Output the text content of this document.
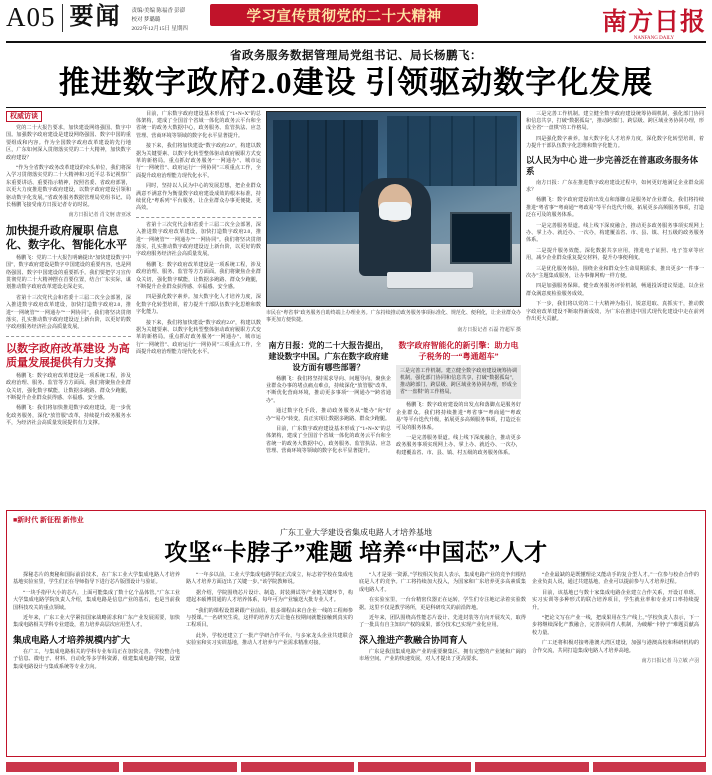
A05 要闻 责编/美编 陈福香 彭澎
校对 梦璐璐
2022年12月15日 星期四
学习宣传贯彻党的二十大精神	南方日报
NANFANG DAILY
省政务服务数据管理局党组书记、局长杨鹏飞：
推进数字政府2.0建设 引领驱动数字化发展
权威访谈

党的二十大报告要求，加快建设网络强国、数字中国。加强数字政府建设是建设网络强国、数字中国的重要组成和内容。作为全国数字政府改革建设的先行地区，广东如何深入贯彻落实党的二十大精神，加快数字政府建设？

“作为全省数字政务改革建设的牵头单位，我们将深入学习贯彻落实党的二十大精神和习近平总书记视察广东重要讲话、重要指示精神，按照省委、省政府部署，以更大力度推进数字政府建设，以数字政府建设引领和驱动数字化发展。”省政务服务数据管理局党组书记、局长杨鹏飞接受南方日报记者专访时说。

南方日报记者 肖文舸 唐亚冰
加快提升政府履职 信息化、数字化、智能化水平

杨鹏飞：党的二十大报告明确提出“加快建设数字中国”，数字政府建设是数字中国建设的重要内容，也是网络强国、数字中国建设的重要抓手。我们要把学习宣传贯彻党的二十大精神摆在首要位置，结合广东实际，谋划推动数字政府改革建设走深走实。

省第十三次党代会和省委十三届二次全会部署，深入推进数字政府改革建设，加快打造数字政府2.0，推进“一网统管”“一网通办”“一网协同”。我们将坚决贯彻落实，扎实推动数字政府建设迈上新台阶，以更好的数字政府服务经济社会高质量发展。

以数字政府改革建设 为高质量发展提供有力支撑

杨鹏飞：数字政府改革建设是一项系统工程，涉及政府治理、服务、监管等方方面面。我们将聚焦企业群众关切，强化数字赋能，让数据多跑路、群众少跑腿，不断提升企业群众获得感、幸福感、安全感。

杨鹏飞：我们将加快推进数字政府建设，进一步优化政务服务，深化“放管服”改革，持续提升政务服务水平，为经济社会高质量发展提供有力支撑。

目前，广东数字政府建设基本形成了“1+N+X”的总体架构，建成了全国首个省域一体化的政务云平台和全省统一的政务大数据中心，政务服务、监管执法、应急管理、营商环境等领域的数字化水平显著提升。

接下来，我们将加快建设“数字政府2.0”，构建以数据为关键要素、以数字化转型整体驱动政府履职方式变革的新格局。重点抓好政务服务“一网通办”、城市运行“一网统管”、政府运行“一网协同”三项重点工作，全面提升政府治理能力现代化水平。

同时，坚持以人民为中心的发展思想，把企业群众满意不满意作为衡量数字政府建设成效的根本标准，持续优化“粤系列”平台服务，让企业群众办事更便捷、更高效。

省第十三次党代会和省委十三届二次全会部署，深入推进数字政府改革建设，加快打造数字政府2.0，推进“一网统管”“一网通办”“一网协同”。我们将坚决贯彻落实，扎实推动数字政府建设迈上新台阶，以更好的数字政府服务经济社会高质量发展。

杨鹏飞：数字政府改革建设是一项系统工程，涉及政府治理、服务、监管等方方面面。我们将聚焦企业群众关切，强化数字赋能，让数据多跑路、群众少跑腿，不断提升企业群众获得感、幸福感、安全感。

四是强化数字素养。加大数字化人才培养力度，深化数字化转型培训，着力提升干部队伍数字化思维和数字化能力。

接下来，我们将加快建设“数字政府2.0”，构建以数据为关键要素、以数字化转型整体驱动政府履职方式变革的新格局。重点抓好政务服务“一网通办”、城市运行“一网统管”、政府运行“一网协同”三项重点工作，全面提升政府治理能力现代化水平。

市民在“粤省事”政务服务自助终端上办理业务。广东持续推动政务服务事项标准化、规范化、便利化，让企业群众办事更加方便快捷。
南方日报记者 石磊 符超军 摄
南方日报：党的二十大报告提出，建设数字中国。广东在数字政府建设方面有哪些部署？

杨鹏飞：我们将坚持需求导向、问题导向，聚焦企业群众办事的堵点痛点难点，持续深化“放管服”改革，不断优化营商环境，推动更多事项“一网通办”“跨省通办”。

通过数字化手段，推动政务服务从“能办”向“好办”“易办”转变，真正实现让数据多跑路、群众少跑腿。

目前，广东数字政府建设基本形成了“1+N+X”的总体架构，建成了全国首个省域一体化的政务云平台和全省统一的政务大数据中心，政务服务、监管执法、应急管理、营商环境等领域的数字化水平显著提升。

数字政府智能化的新引擎：助力电子税务的一“粤通超车”
三是完善工作机制。建立健全数字政府建设统筹协调机制，强化部门协同和信息共享，打破“数据孤岛”，推动跨部门、跨层级、跨区域业务协同办理，形成全省“一盘棋”的工作格局。

杨鹏飞：数字政府建设的出发点和落脚点是服务好企业群众。我们将持续推进“粤省事”“粤商通”“粤政易”等平台迭代升级，拓展更多高频服务事项，打造泛在可及的服务体系。

一是完善服务渠道。线上线下深度融合，推动更多政务服务事项实现网上办、掌上办、就近办、一次办，构建覆盖省、市、县、镇、村五级的政务服务体系。

三是完善工作机制。建立健全数字政府建设统筹协调机制，强化部门协同和信息共享，打破“数据孤岛”，推动跨部门、跨层级、跨区域业务协同办理，形成全省“一盘棋”的工作格局。

四是强化数字素养。加大数字化人才培养力度，深化数字化转型培训，着力提升干部队伍数字化思维和数字化能力。

以人民为中心 进一步完善泛在普惠政务服务体系

南方日报：广东在推进数字政府建设过程中，如何更好地满足企业群众需求？

杨鹏飞：数字政府建设的出发点和落脚点是服务好企业群众。我们将持续推进“粤省事”“粤商通”“粤政易”等平台迭代升级，拓展更多高频服务事项，打造泛在可及的服务体系。

一是完善服务渠道。线上线下深度融合，推动更多政务服务事项实现网上办、掌上办、就近办、一次办，构建覆盖省、市、县、镇、村五级的政务服务体系。

二是提升服务效能。深化数据共享应用，推进电子证照、电子签章等应用，减少企业群众重复提交材料，提升办事便利度。

三是优化服务体验。围绕企业和群众全生命周期需求，推出更多“一件事一次办”主题集成服务，让办事像网购一样方便。

四是加强服务保障。健全政务服务评价机制，畅通投诉建议渠道，以企业群众满意度检验服务成效。

下一步，我们将以党的二十大精神为指引，锐意进取、真抓实干，推动数字政府改革建设不断取得新成效，为广东在推进中国式现代化建设中走在前列作出更大贡献。

■新时代 新征程 新伟业
广东工业大学建设省集成电路人才培养基地
攻坚“卡脖子”难题 培养“中国芯”人才

探秘芯片的奥秘和国际前沿技术，在广东工业大学集成电路人才培养基地实验室里，学生们正在导师指导下进行芯片版图设计与验证。

“一块手指甲大小的芯片，上面可能集成了数十亿个晶体管。”广东工业大学集成电路学院负责人介绍，集成电路是信息产业的基石，也是当前我国科技攻关的重点领域。

近年来，广东工业大学紧扣国家战略需求和广东产业发展需要，加快集成电路相关学科专业建设，着力培养高层次应用型人才。

集成电路人才培养规模内扩大

在广工，与集成电路相关的学科专业布局正在加快完善。学校整合电子信息、微电子、材料、自动化等多学科资源，组建集成电路学院，设置集成电路设计与集成系统等专业方向。

“一年多以前，工业大学集成电路学院正式成立，标志着学校在集成电路人才培养方面迈出了关键一步。”该学院教师说。

据介绍，学院围绕芯片设计、制造、封装测试等产业链关键环节，构建起本硕博贯通的人才培养体系，每年可为产业输送大批专业人才。

“我们的课程设置紧跟产业前沿，很多课程由来自企业一线的工程师参与授课。”一名研究生说，这样的培养方式让他在校期间就能接触到真实的工程项目。

此外，学校还建立了一批产学研合作平台，与多家龙头企业共建联合实验室和实习实训基地，推动人才培养与产业需求精准对接。

“人才是第一资源。”学校相关负责人表示，集成电路产业的竞争归根结底是人才的竞争。广工将持续加大投入，为国家和广东培养更多高素质集成电路人才。

在实验室里，一台台精密仪器正在运转，学生们专注地记录着实验数据。这里不仅是教学场所，更是科研攻关的前沿阵地。

近年来，团队围绕高性能芯片设计、先进封装等方向开展攻关，取得了一批具有自主知识产权的成果，部分技术已实现产业化应用。

深入推进产教融合协同育人

广东是我国集成电路产业的重要聚集区，拥有完整的产业链和广阔的市场空间。产业的快速发展，对人才提出了更高要求。

“企业最缺的是既懂理论又能动手的复合型人才。”一位参与校企合作的企业负责人说，通过共建基地，企业可以提前参与人才培养过程。

目前，该基地已与数十家集成电路企业建立合作关系，开设订单班、实习实训等多种形式的联合培养项目，学生就业率和专业对口率持续提升。

“把论文写在产业一线，把成果用在生产线上。”学校负责人表示，下一步将继续深化产教融合，完善协同育人机制，为破解“卡脖子”难题贡献高校力量。

广工还将积极对接粤港澳大湾区建设，加强与港澳高校和科研机构的合作交流，共同打造集成电路人才培养高地。

南方日报记者 马立敏 卢羽
